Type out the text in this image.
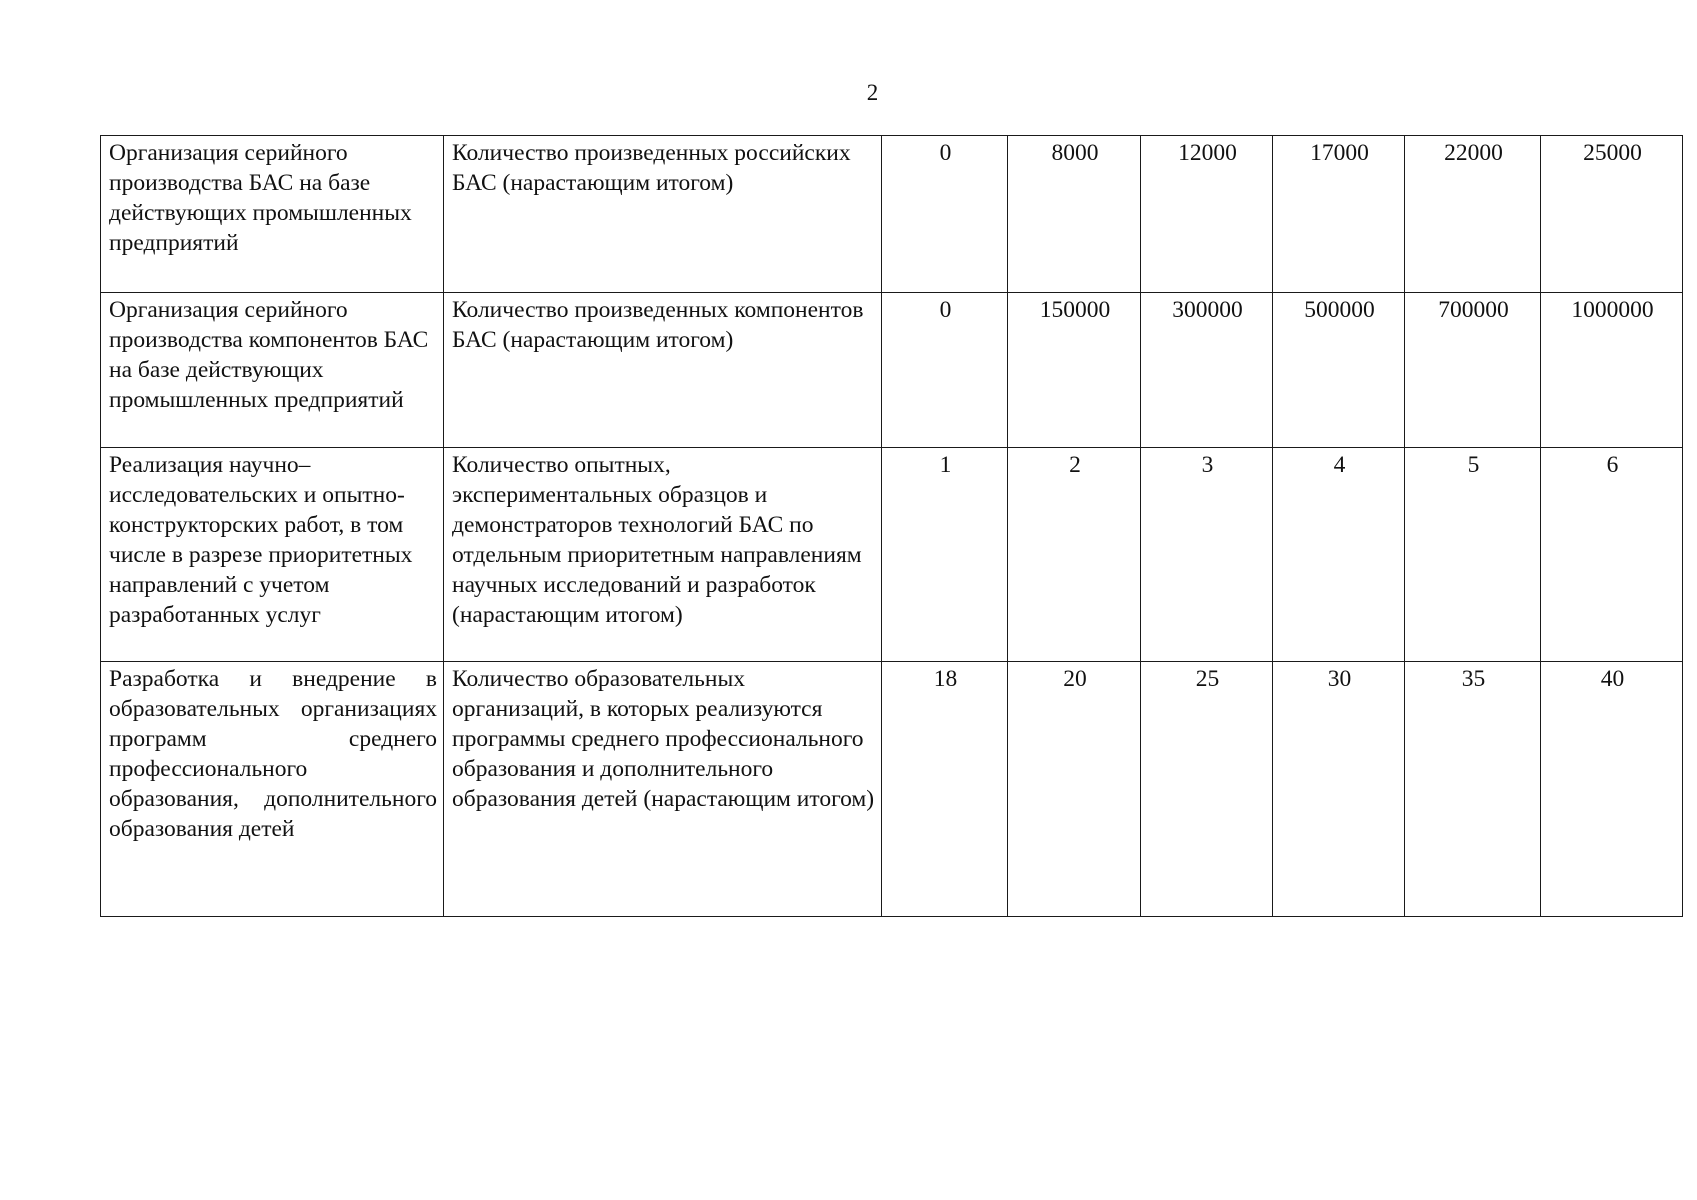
2
Организация серийного производства БАС на базе действующих промышленных предприятий	Количество произведенных российских БАС (нарастающим итогом)	0	8000	12000	17000	22000	25000
Организация серийного производства компонентов БАС на базе действующих промышленных предприятий	Количество произведенных компонентов БАС (нарастающим итогом)	0	150000	300000	500000	700000	1000000
Реализация научно–исследовательских и опытно-конструкторских работ, в том числе в разрезе приоритетных направлений с учетом разработанных услуг	Количество опытных, экспериментальных образцов и демонстраторов технологий БАС по отдельным приоритетным направлениям научных исследований и разработок (нарастающим итогом)	1	2	3	4	5	6
Разработка и внедрение в образовательных организациях программ среднего профессионального образования, дополнительного образования детей	Количество образовательных организаций, в которых реализуются программы среднего профессионального образования и дополнительного образования детей (нарастающим итогом)	18	20	25	30	35	40
